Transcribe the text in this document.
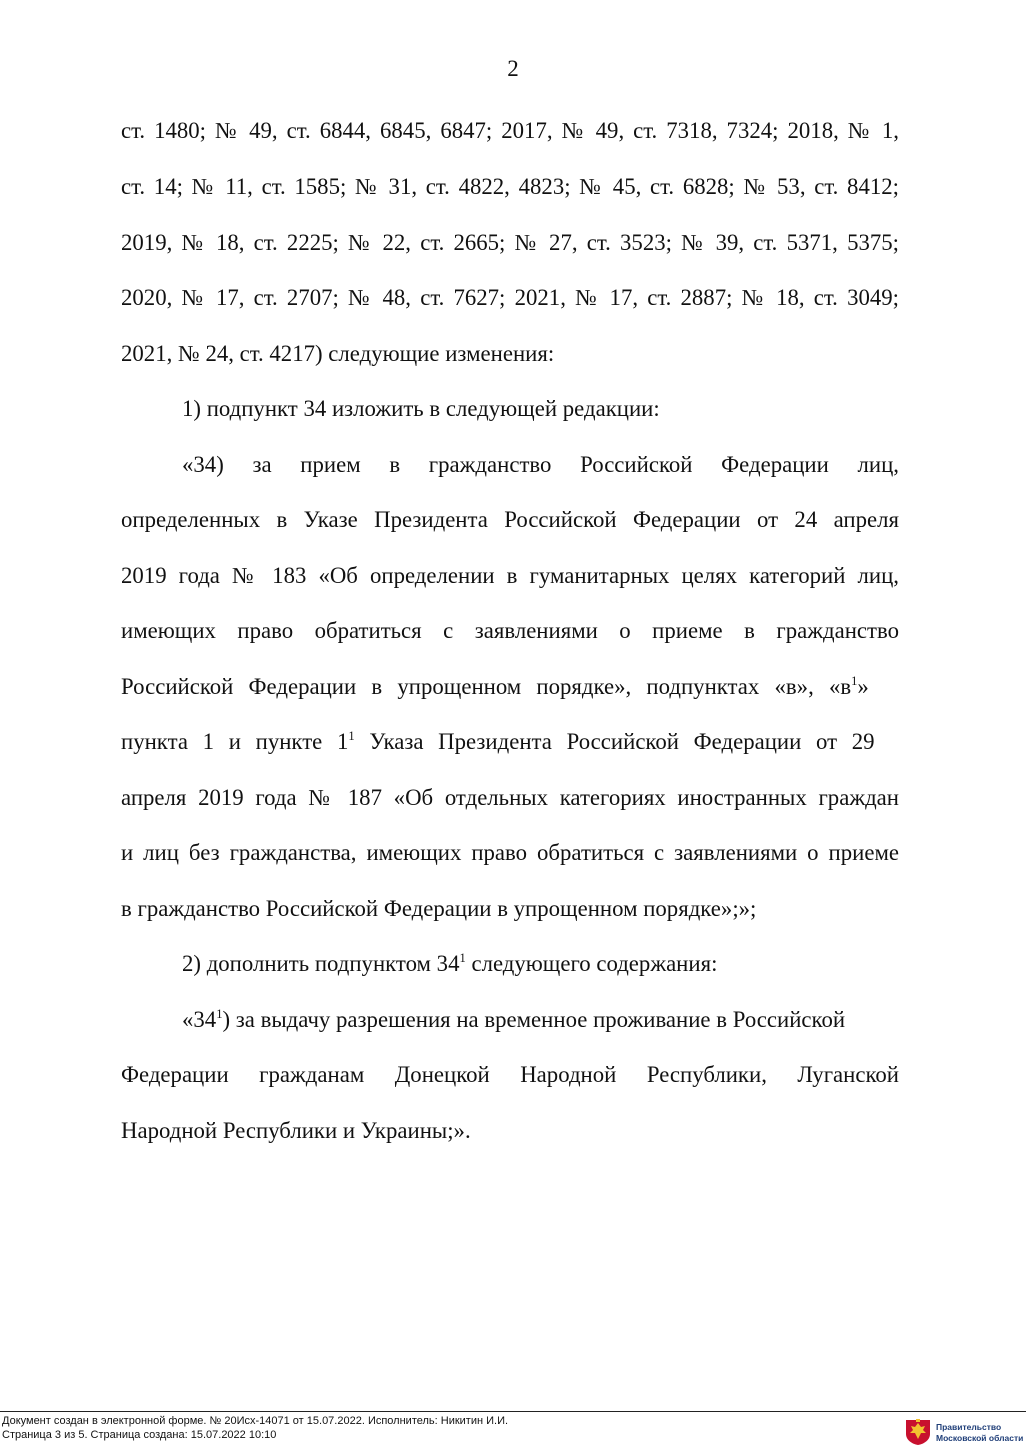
2
ст. 1480; № 49, ст. 6844, 6845, 6847; 2017, № 49, ст. 7318, 7324; 2018, № 1,
ст. 14; № 11, ст. 1585; № 31, ст. 4822, 4823; № 45, ст. 6828; № 53, ст. 8412;
2019, № 18, ст. 2225; № 22, ст. 2665; № 27, ст. 3523; № 39, ст. 5371, 5375;
2020, № 17, ст. 2707; № 48, ст. 7627; 2021, № 17, ст. 2887; № 18, ст. 3049;
2021, № 24, ст. 4217) следующие изменения:
1) подпункт 34 изложить в следующей редакции:
«34) за прием в гражданство Российской Федерации лиц,
определенных в Указе Президента Российской Федерации от 24 апреля
2019 года № 183 «Об определении в гуманитарных целях категорий лиц,
имеющих право обратиться с заявлениями о приеме в гражданство
Российской Федерации в упрощенном порядке», подпунктах «в», «$в^1$»
пункта 1 и пункте $1^1$ Указа Президента Российской Федерации от 29
апреля 2019 года № 187 «Об отдельных категориях иностранных граждан
и лиц без гражданства, имеющих право обратиться с заявлениями о приеме
в гражданство Российской Федерации в упрощенном порядке»;»;
2) дополнить подпунктом $34^1$ следующего содержания:
«$34^1$) за выдачу разрешения на временное проживание в Российской
Федерации гражданам Донецкой Народной Республики, Луганской
Народной Республики и Украины;».
Документ создан в электронной форме. № 20Исх-14071 от 15.07.2022. Исполнитель: Никитин И.И.
Страница 3 из 5. Страница создана: 15.07.2022 10:10
Правительство
Московской области
